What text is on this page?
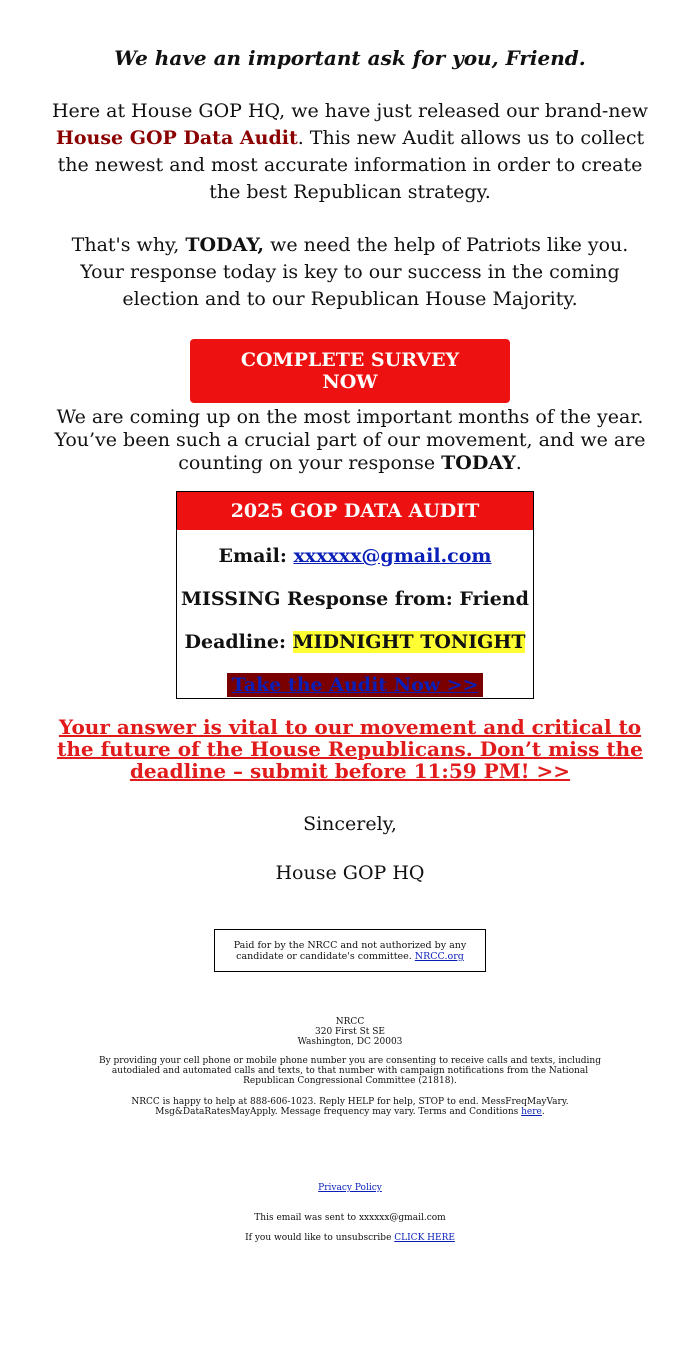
We have an important ask for you, Friend.
Here at House GOP HQ, we have just released our brand-new House GOP Data Audit. This new Audit allows us to collect the newest and most accurate information in order to create the best Republican strategy.
That's why, TODAY, we need the help of Patriots like you. Your response today is key to our success in the coming election and to our Republican House Majority.
COMPLETE SURVEY NOW
We are coming up on the most important months of the year. You’ve been such a crucial part of our movement, and we are counting on your response TODAY.
2025 GOP DATA AUDIT
Email: xxxxxx@gmail.com
MISSING Response from: Friend
Deadline: MIDNIGHT TONIGHT
Take the Audit Now >>
Your answer is vital to our movement and critical to the future of the House Republicans. Don’t miss the deadline – submit before 11:59 PM! >>
Sincerely,
House GOP HQ
Paid for by the NRCC and not authorized by any candidate or candidate's committee. NRCC.org
NRCC
320 First St SE
Washington, DC 20003
By providing your cell phone or mobile phone number you are consenting to receive calls and texts, including autodialed and automated calls and texts, to that number with campaign notifications from the National Republican Congressional Committee (21818).
NRCC is happy to help at 888-606-1023. Reply HELP for help, STOP to end. MessFreqMayVary. Msg&DataRatesMayApply. Message frequency may vary. Terms and Conditions here.
Privacy Policy
This email was sent to xxxxxx@gmail.com
If you would like to unsubscribe CLICK HERE
